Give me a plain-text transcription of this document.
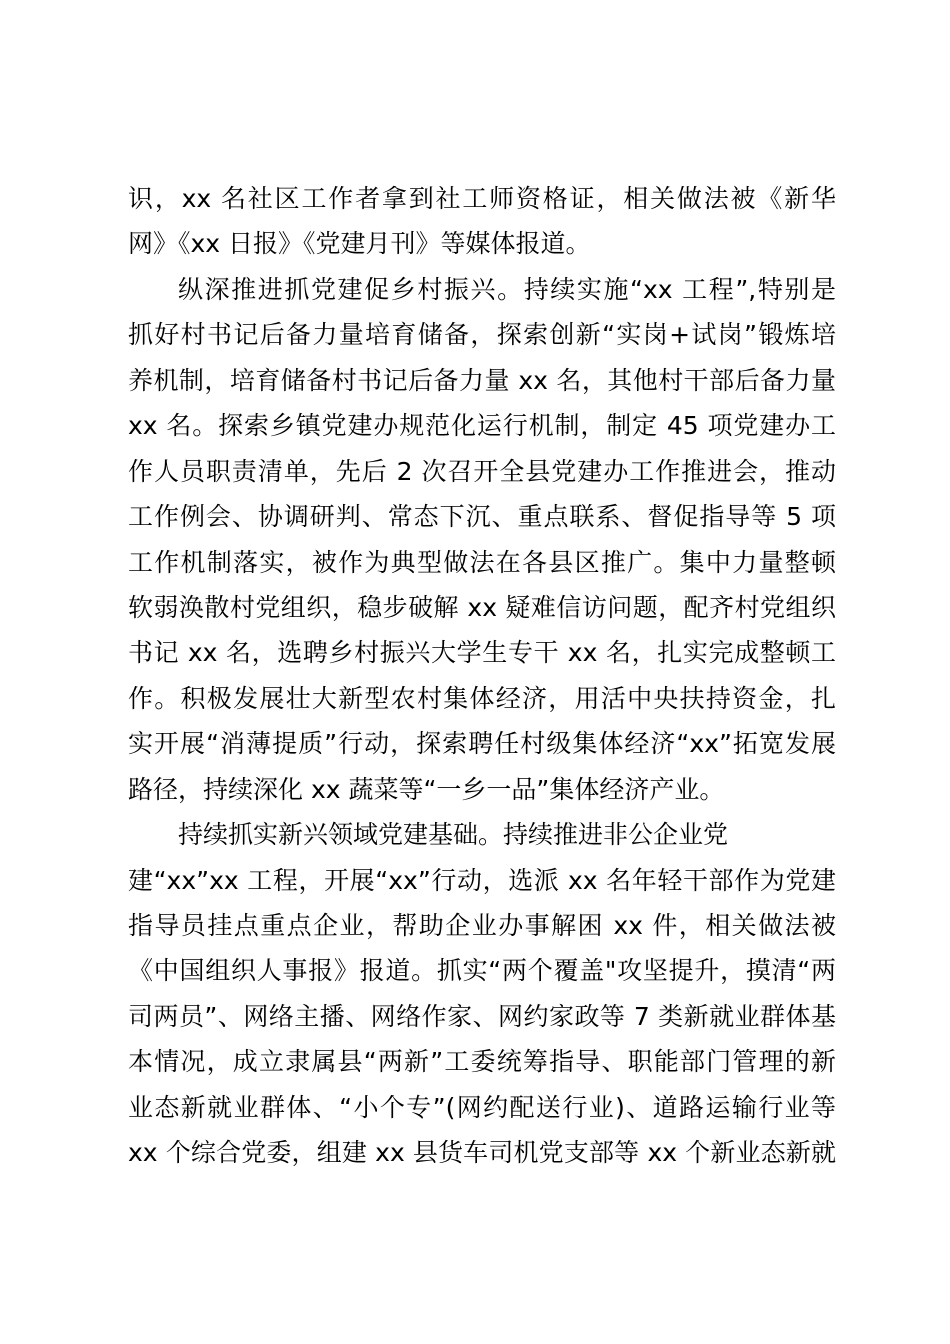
识，xx 名社区工作者拿到社工师资格证，相关做法被《新华
网》《xx 日报》《党建月刊》等媒体报道。
纵深推进抓党建促乡村振兴。持续实施“xx 工程”,特别是
抓好村书记后备力量培育储备，探索创新“实岗+试岗”锻炼培
养机制，培育储备村书记后备力量 xx 名，其他村干部后备力量
xx 名。探索乡镇党建办规范化运行机制，制定 45 项党建办工
作人员职责清单，先后 2 次召开全县党建办工作推进会，推动
工作例会、协调研判、常态下沉、重点联系、督促指导等 5 项
工作机制落实，被作为典型做法在各县区推广。集中力量整顿
软弱涣散村党组织，稳步破解 xx 疑难信访问题，配齐村党组织
书记 xx 名，选聘乡村振兴大学生专干 xx 名，扎实完成整顿工
作。积极发展壮大新型农村集体经济，用活中央扶持资金，扎
实开展“消薄提质”行动，探索聘任村级集体经济“xx”拓宽发展
路径，持续深化 xx 蔬菜等“一乡一品”集体经济产业。
持续抓实新兴领域党建基础。持续推进非公企业党
建“xx”xx 工程，开展“xx”行动，选派 xx 名年轻干部作为党建
指导员挂点重点企业，帮助企业办事解困 xx 件，相关做法被
《中国组织人事报》报道。抓实“两个覆盖"攻坚提升，摸清“两
司两员”、网络主播、网络作家、网约家政等 7 类新就业群体基
本情况，成立隶属县“两新”工委统筹指导、职能部门管理的新
业态新就业群体、“小个专”(网约配送行业)、道路运输行业等
xx 个综合党委，组建 xx 县货车司机党支部等 xx 个新业态新就
